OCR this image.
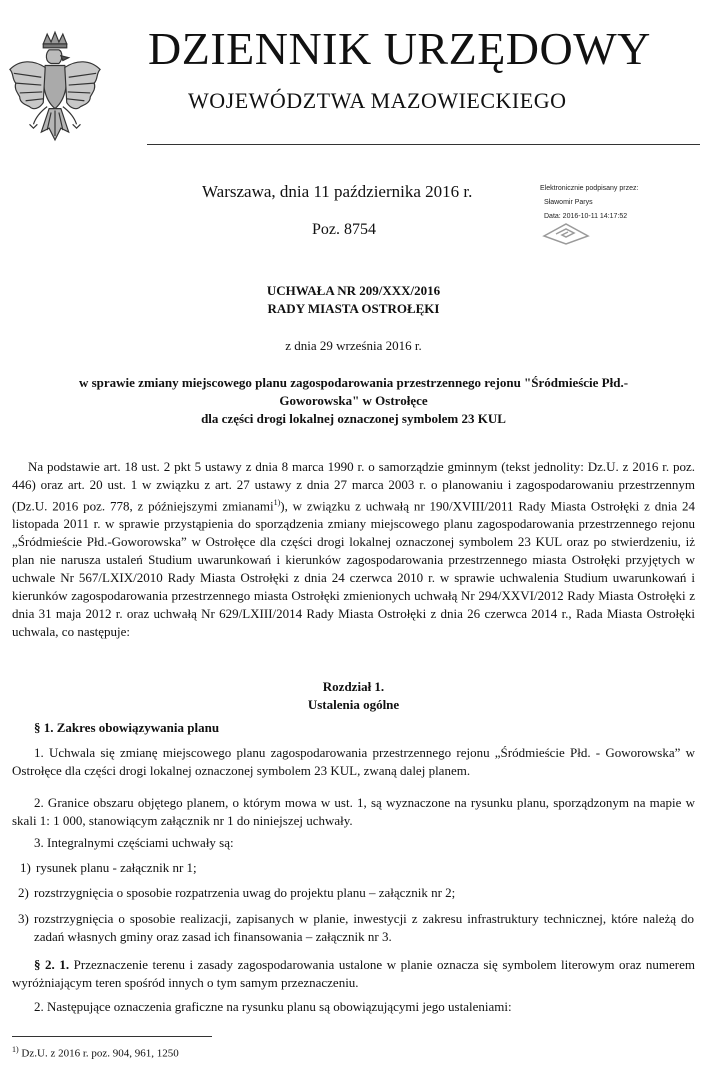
DZIENNIK URZĘDOWY
WOJEWÓDZTWA MAZOWIECKIEGO
Warszawa, dnia 11 października 2016 r.
Poz. 8754
Elektronicznie podpisany przez:
Sławomir Parys
Data: 2016-10-11 14:17:52
UCHWAŁA NR 209/XXX/2016
RADY MIASTA OSTROŁĘKI
z dnia 29 września 2016 r.
w sprawie zmiany miejscowego planu zagospodarowania przestrzennego rejonu "Śródmieście Płd.-
Goworowska" w Ostrołęce
dla części drogi lokalnej oznaczonej symbolem 23 KUL
Na podstawie art. 18 ust. 2 pkt 5 ustawy z dnia 8 marca 1990 r. o samorządzie gminnym (tekst jednolity: Dz.U. z 2016 r. poz. 446) oraz art. 20 ust. 1 w związku z art. 27 ustawy z dnia 27 marca 2003 r. o planowaniu i zagospodarowaniu przestrzennym (Dz.U. 2016 poz. 778, z późniejszymi zmianami$^{1)}$), w związku z uchwałą nr 190/XVIII/2011 Rady Miasta Ostrołęki z dnia 24 listopada 2011 r. w sprawie przystąpienia do sporządzenia zmiany miejscowego planu zagospodarowania przestrzennego rejonu „Śródmieście Płd.-Goworowska” w Ostrołęce dla części drogi lokalnej oznaczonej symbolem 23 KUL oraz po stwierdzeniu, iż plan nie narusza ustaleń Studium uwarunkowań i kierunków zagospodarowania przestrzennego miasta Ostrołęki przyjętych w uchwale Nr 567/LXIX/2010 Rady Miasta Ostrołęki z dnia 24 czerwca 2010 r. w sprawie uchwalenia Studium uwarunkowań i kierunków zagospodarowania przestrzennego miasta Ostrołęki zmienionych uchwałą Nr 294/XXVI/2012 Rady Miasta Ostrołęki z dnia 31 maja 2012 r. oraz uchwałą Nr 629/LXIII/2014 Rady Miasta Ostrołęki z dnia 26 czerwca 2014 r., Rada Miasta Ostrołęki uchwala, co następuje:
Rozdział 1.
Ustalenia ogólne
§ 1. Zakres obowiązywania planu
1. Uchwala się zmianę miejscowego planu zagospodarowania przestrzennego rejonu „Śródmieście Płd. - Goworowska” w Ostrołęce dla części drogi lokalnej oznaczonej symbolem 23 KUL, zwaną dalej planem.
2. Granice obszaru objętego planem, o którym mowa w ust. 1, są wyznaczone na rysunku planu, sporządzonym na mapie w skali 1: 1 000, stanowiącym załącznik nr 1 do niniejszej uchwały.
3. Integralnymi częściami uchwały są:
1) rysunek planu - załącznik nr 1;
2) rozstrzygnięcia o sposobie rozpatrzenia uwag do projektu planu – załącznik nr 2;
3) rozstrzygnięcia o sposobie realizacji, zapisanych w planie, inwestycji z zakresu infrastruktury technicznej, które należą do zadań własnych gminy oraz zasad ich finansowania – załącznik nr 3.
§ 2. 1. Przeznaczenie terenu i zasady zagospodarowania ustalone w planie oznacza się symbolem literowym oraz numerem wyróżniającym teren spośród innych o tym samym przeznaczeniu.
2. Następujące oznaczenia graficzne na rysunku planu są obowiązującymi jego ustaleniami:
$^{1)}$ Dz.U. z 2016 r. poz. 904, 961, 1250
